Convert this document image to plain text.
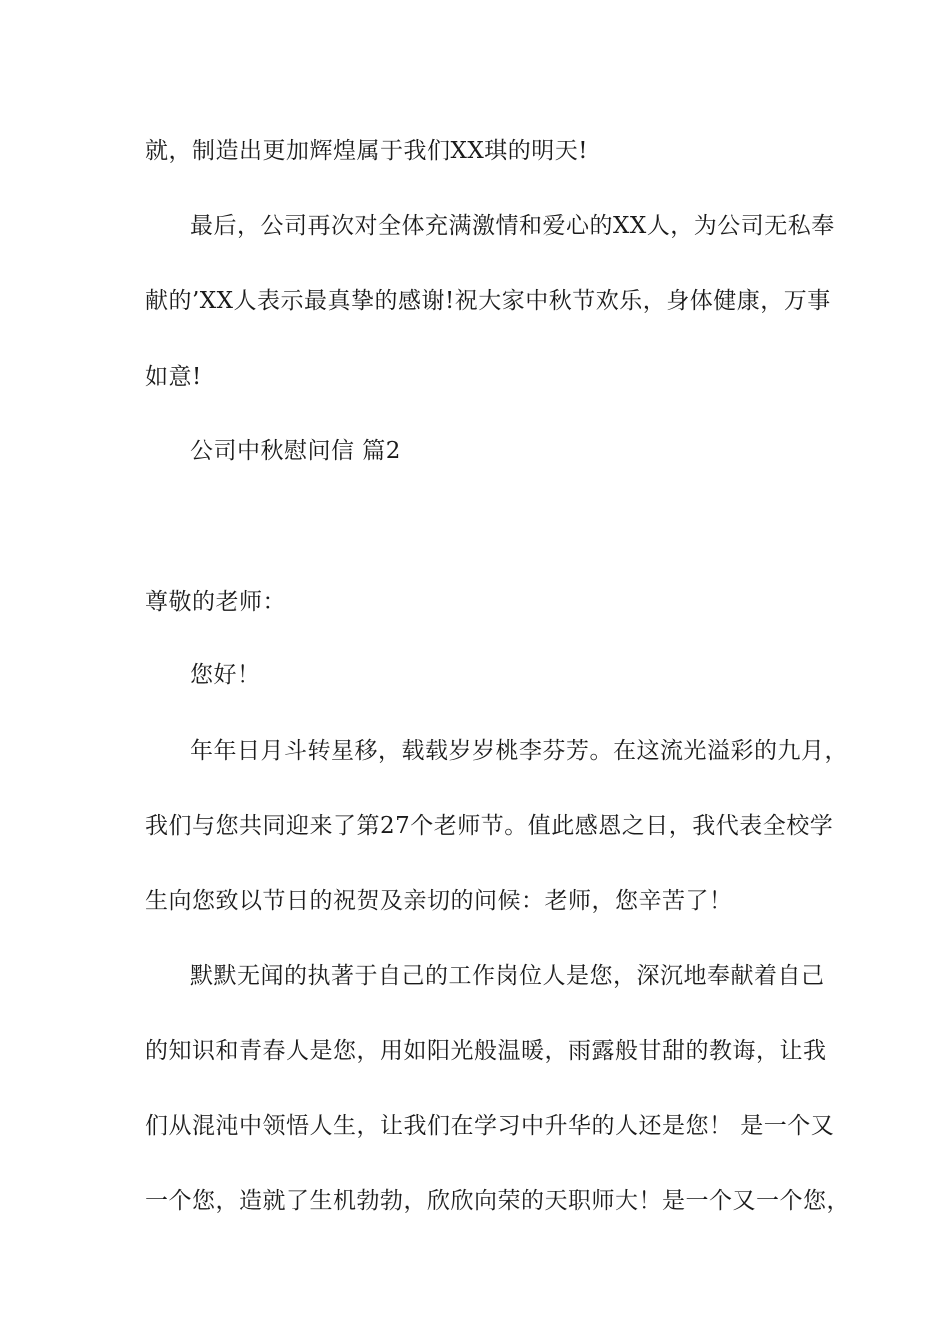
就，制造出更加辉煌属于我们XX琪的明天!
最后，公司再次对全体充满激情和爱心的XX人，为公司无私奉
献的’XX人表示最真挚的感谢!祝大家中秋节欢乐，身体健康，万事
如意!
公司中秋慰问信 篇2
尊敬的老师：
您好！
年年日月斗转星移，载载岁岁桃李芬芳。在这流光溢彩的九月，
我们与您共同迎来了第27个老师节。值此感恩之日，我代表全校学
生向您致以节日的祝贺及亲切的问候：老师，您辛苦了！
默默无闻的执著于自己的工作岗位人是您，深沉地奉献着自己
的知识和青春人是您，用如阳光般温暖，雨露般甘甜的教诲，让我
们从混沌中领悟人生，让我们在学习中升华的人还是您！ 是一个又
一个您，造就了生机勃勃，欣欣向荣的天职师大！是一个又一个您，
